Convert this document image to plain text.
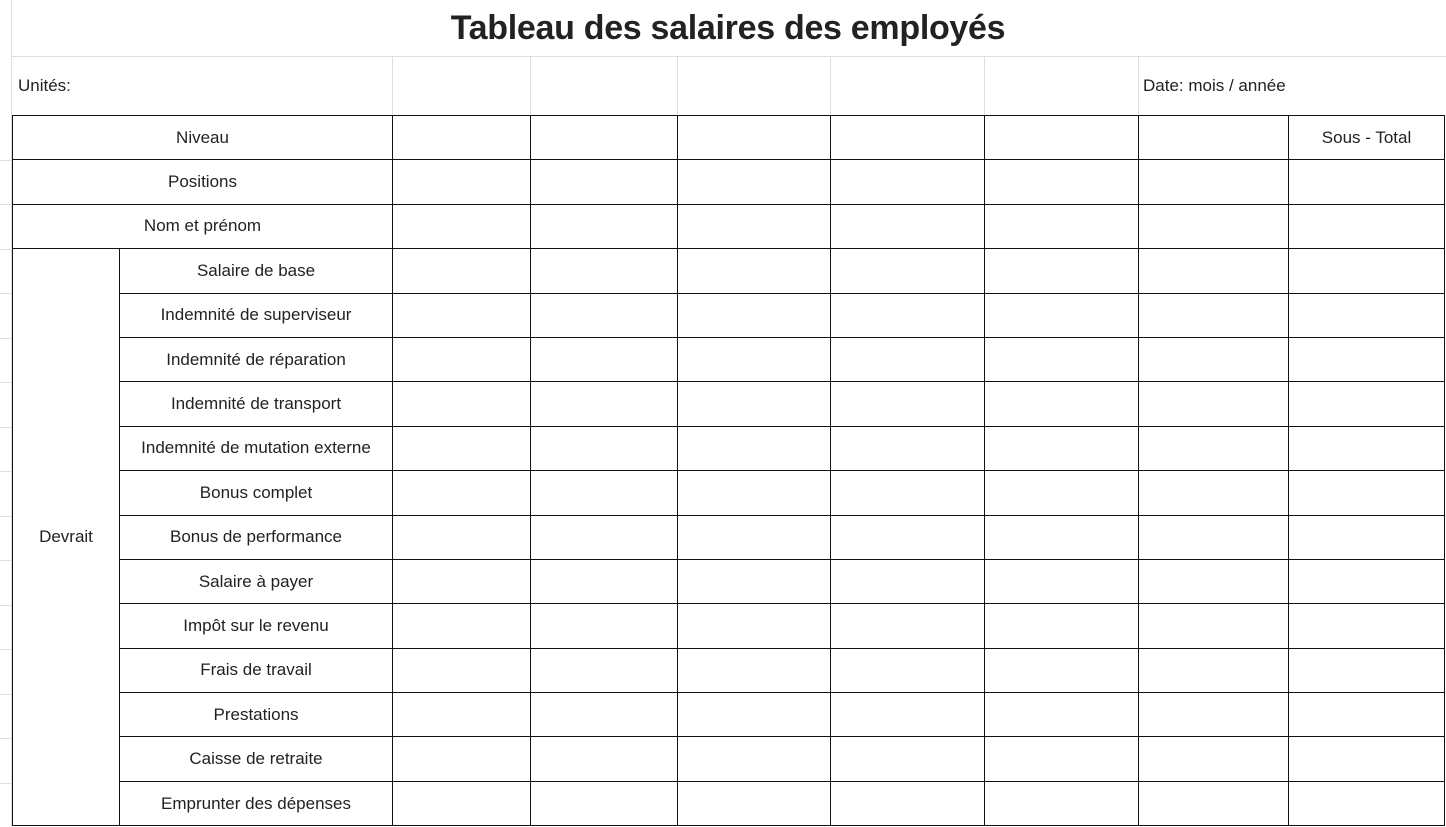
Tableau des salaires des employés
Unités:	Date: mois / année
Niveau								Sous - Total
Positions								
Nom et prénom								
Devrait	Salaire de base							
	Indemnité de superviseur							
	Indemnité de réparation							
	Indemnité de transport							
	Indemnité de mutation externe							
	Bonus complet							
	Bonus de performance							
	Salaire à payer							
	Impôt sur le revenu							
	Frais de travail							
	Prestations							
	Caisse de retraite							
	Emprunter des dépenses							
